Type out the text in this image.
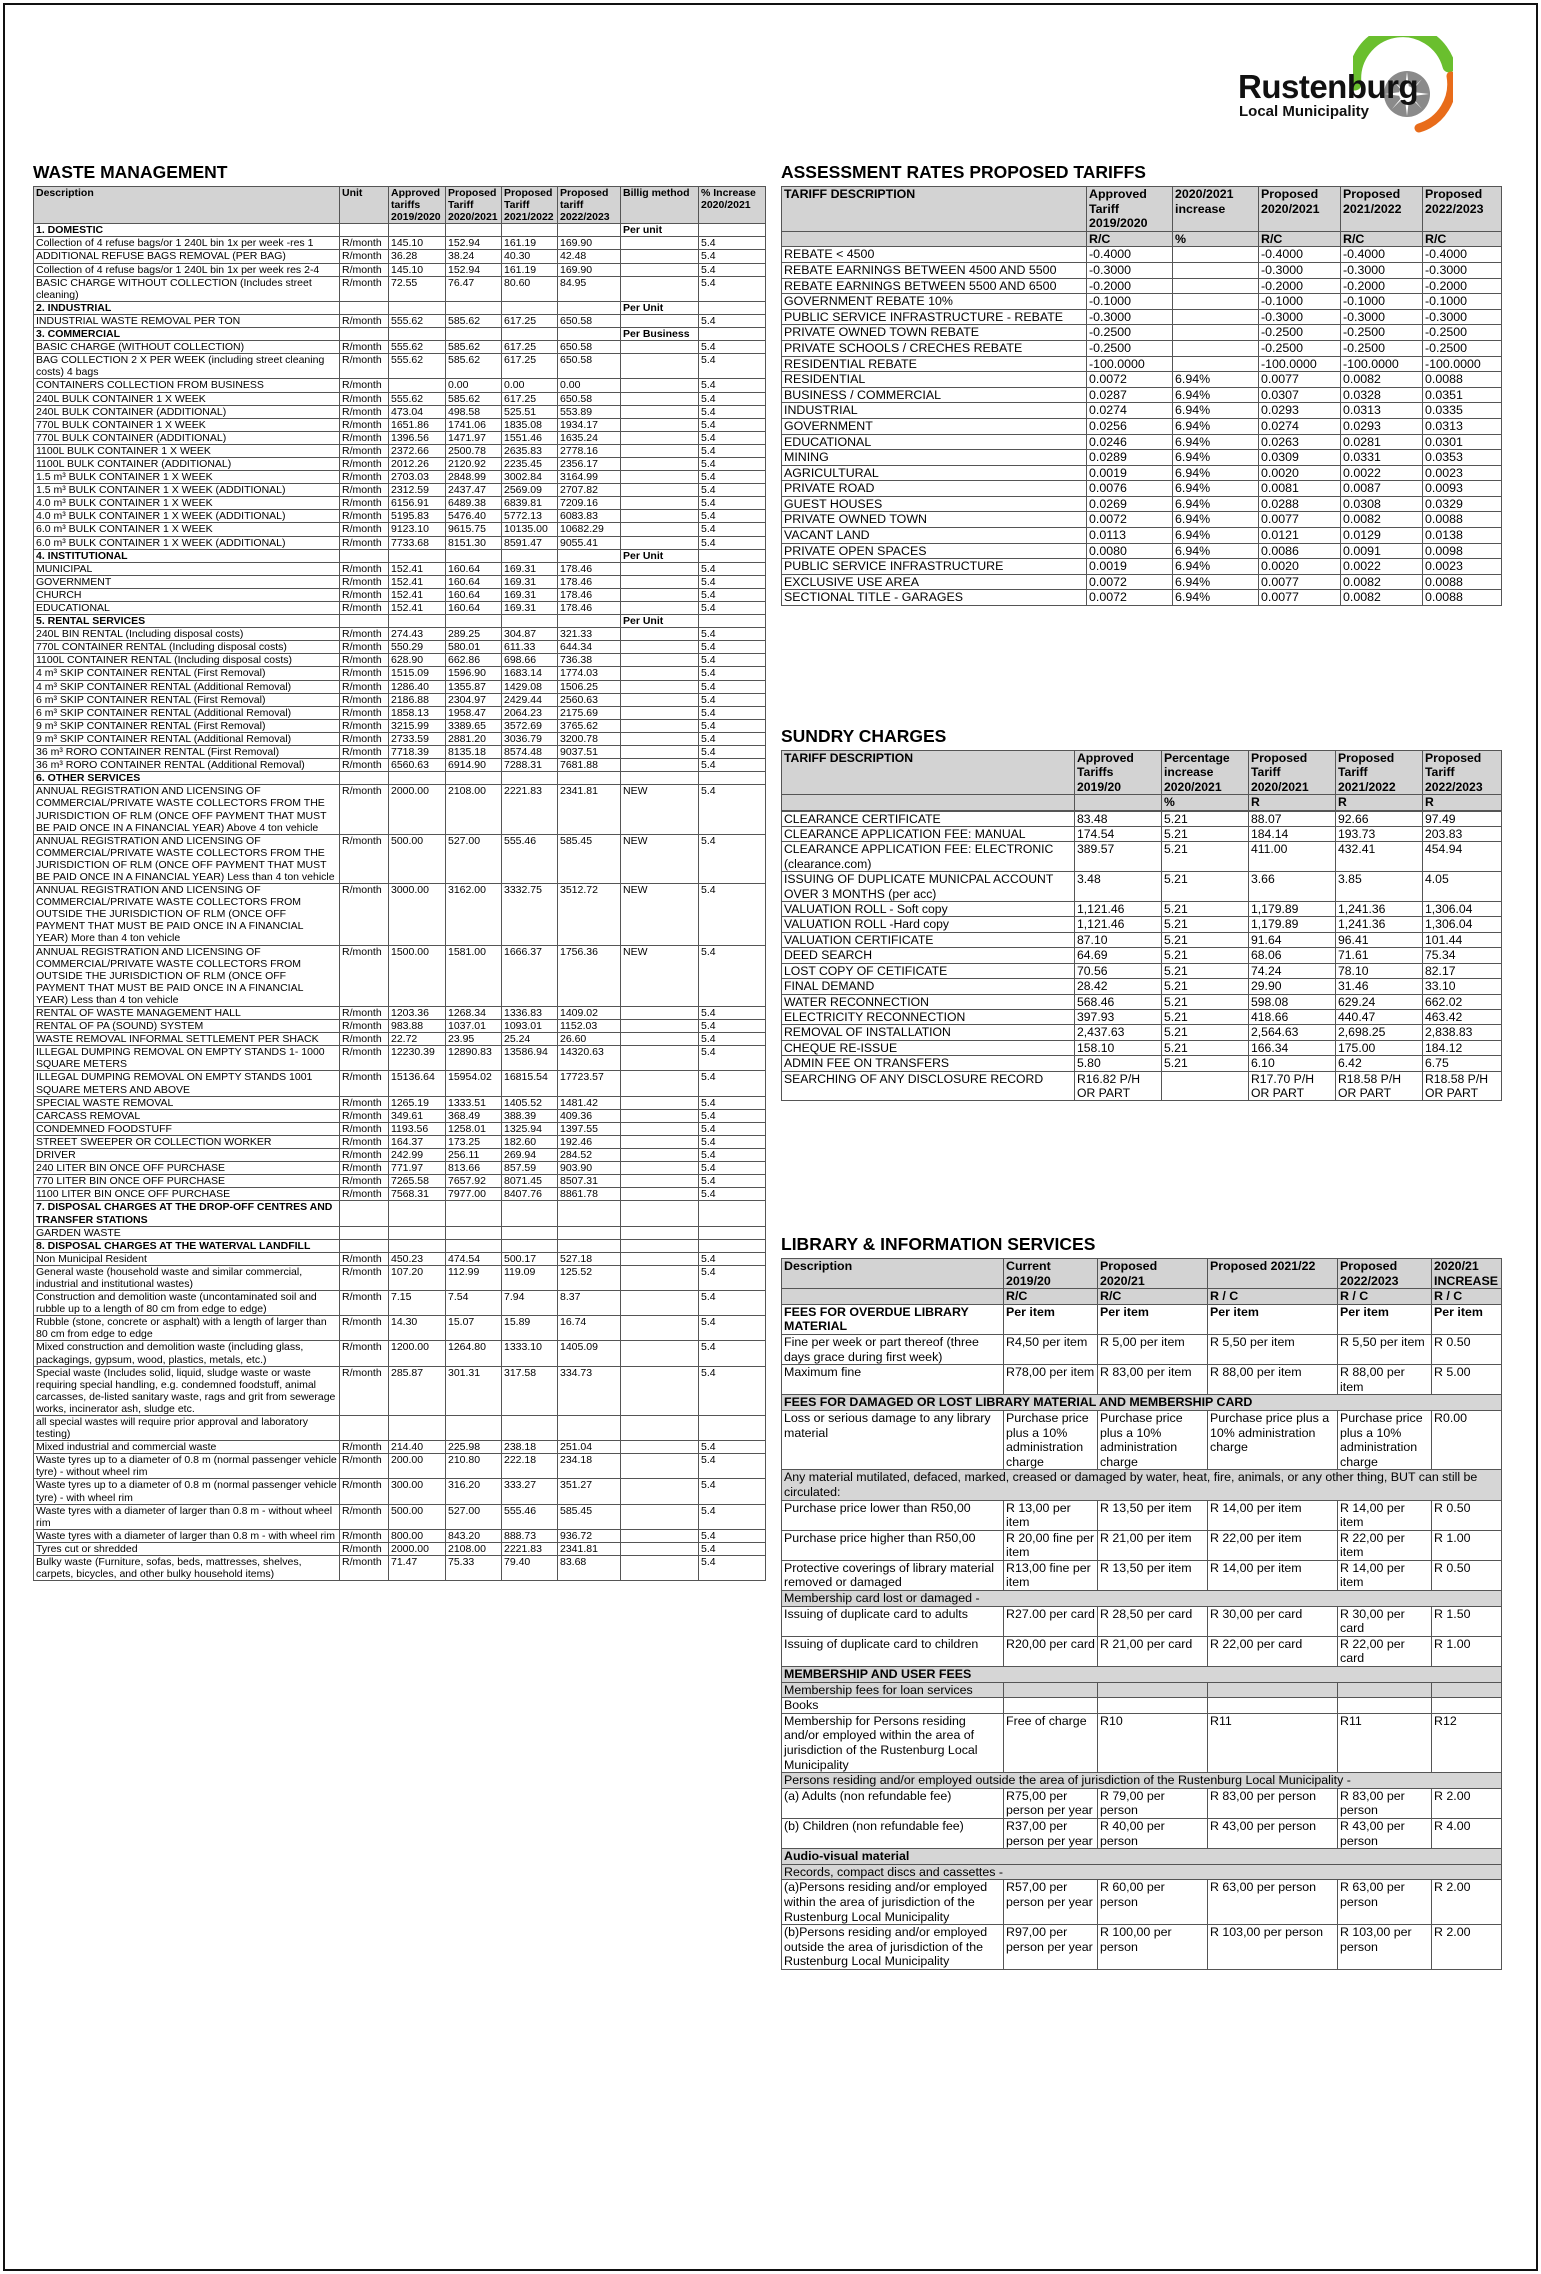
Rustenburg
Local Municipality
WASTE MANAGEMENT
Description	Unit	Approved tariffs 2019/2020	Proposed Tariff 2020/2021	Proposed Tariff 2021/2022	Proposed tariff 2022/2023	Billig method	% Increase 2020/2021
1. DOMESTIC						Per unit	
Collection of 4 refuse bags/or 1 240L bin 1x per week -res 1	R/month	145.10	152.94	161.19	169.90		5.4
ADDITIONAL REFUSE BAGS REMOVAL (PER BAG)	R/month	36.28	38.24	40.30	42.48		5.4
Collection of 4 refuse bags/or 1 240L bin 1x per week res 2-4	R/month	145.10	152.94	161.19	169.90		5.4
BASIC CHARGE WITHOUT COLLECTION (Includes street cleaning)	R/month	72.55	76.47	80.60	84.95		5.4
2. INDUSTRIAL						Per Unit	
INDUSTRIAL WASTE REMOVAL PER TON	R/month	555.62	585.62	617.25	650.58		5.4
3. COMMERCIAL						Per Business	
BASIC CHARGE (WITHOUT COLLECTION)	R/month	555.62	585.62	617.25	650.58		5.4
BAG COLLECTION 2 X PER WEEK (including street cleaning costs) 4 bags	R/month	555.62	585.62	617.25	650.58		5.4
CONTAINERS COLLECTION FROM BUSINESS	R/month		0.00	0.00	0.00		5.4
240L BULK CONTAINER 1 X WEEK	R/month	555.62	585.62	617.25	650.58		5.4
240L BULK CONTAINER (ADDITIONAL)	R/month	473.04	498.58	525.51	553.89		5.4
770L BULK CONTAINER 1 X WEEK	R/month	1651.86	1741.06	1835.08	1934.17		5.4
770L BULK CONTAINER (ADDITIONAL)	R/month	1396.56	1471.97	1551.46	1635.24		5.4
1100L BULK CONTAINER 1 X WEEK	R/month	2372.66	2500.78	2635.83	2778.16		5.4
1100L BULK CONTAINER (ADDITIONAL)	R/month	2012.26	2120.92	2235.45	2356.17		5.4
1.5 m³ BULK CONTAINER 1 X WEEK	R/month	2703.03	2848.99	3002.84	3164.99		5.4
1.5 m³ BULK CONTAINER 1 X WEEK (ADDITIONAL)	R/month	2312.59	2437.47	2569.09	2707.82		5.4
4.0 m³ BULK CONTAINER 1 X WEEK	R/month	6156.91	6489.38	6839.81	7209.16		5.4
4.0 m³ BULK CONTAINER 1 X WEEK (ADDITIONAL)	R/month	5195.83	5476.40	5772.13	6083.83		5.4
6.0 m³ BULK CONTAINER 1 X WEEK	R/month	9123.10	9615.75	10135.00	10682.29		5.4
6.0 m³ BULK CONTAINER 1 X WEEK (ADDITIONAL)	R/month	7733.68	8151.30	8591.47	9055.41		5.4
4. INSTITUTIONAL						Per Unit	
MUNICIPAL	R/month	152.41	160.64	169.31	178.46		5.4
GOVERNMENT	R/month	152.41	160.64	169.31	178.46		5.4
CHURCH	R/month	152.41	160.64	169.31	178.46		5.4
EDUCATIONAL	R/month	152.41	160.64	169.31	178.46		5.4
5. RENTAL SERVICES						Per Unit	
240L BIN RENTAL (Including disposal costs)	R/month	274.43	289.25	304.87	321.33		5.4
770L CONTAINER RENTAL (Including disposal costs)	R/month	550.29	580.01	611.33	644.34		5.4
1100L CONTAINER RENTAL (Including disposal costs)	R/month	628.90	662.86	698.66	736.38		5.4
4 m³ SKIP CONTAINER RENTAL (First Removal)	R/month	1515.09	1596.90	1683.14	1774.03		5.4
4 m³ SKIP CONTAINER RENTAL (Additional Removal)	R/month	1286.40	1355.87	1429.08	1506.25		5.4
6 m³ SKIP CONTAINER RENTAL (First Removal)	R/month	2186.88	2304.97	2429.44	2560.63		5.4
6 m³ SKIP CONTAINER RENTAL (Additional Removal)	R/month	1858.13	1958.47	2064.23	2175.69		5.4
9 m³ SKIP CONTAINER RENTAL (First Removal)	R/month	3215.99	3389.65	3572.69	3765.62		5.4
9 m³ SKIP CONTAINER RENTAL (Additional Removal)	R/month	2733.59	2881.20	3036.79	3200.78		5.4
36 m³ RORO CONTAINER RENTAL (First Removal)	R/month	7718.39	8135.18	8574.48	9037.51		5.4
36 m³ RORO CONTAINER RENTAL (Additional Removal)	R/month	6560.63	6914.90	7288.31	7681.88		5.4
6. OTHER SERVICES							
ANNUAL REGISTRATION AND LICENSING OF COMMERCIAL/PRIVATE WASTE COLLECTORS FROM THE JURISDICTION OF RLM (ONCE OFF PAYMENT THAT MUST BE PAID ONCE IN A FINANCIAL YEAR) Above 4 ton vehicle	R/month	2000.00	2108.00	2221.83	2341.81	NEW	5.4
ANNUAL REGISTRATION AND LICENSING OF COMMERCIAL/PRIVATE WASTE COLLECTORS FROM THE JURISDICTION OF RLM (ONCE OFF PAYMENT THAT MUST BE PAID ONCE IN A FINANCIAL YEAR) Less than 4 ton vehicle	R/month	500.00	527.00	555.46	585.45	NEW	5.4
ANNUAL REGISTRATION AND LICENSING OF COMMERCIAL/PRIVATE WASTE COLLECTORS FROM OUTSIDE THE JURISDICTION OF RLM (ONCE OFF PAYMENT THAT MUST BE PAID ONCE IN A FINANCIAL YEAR) More than 4 ton vehicle	R/month	3000.00	3162.00	3332.75	3512.72	NEW	5.4
ANNUAL REGISTRATION AND LICENSING OF COMMERCIAL/PRIVATE WASTE COLLECTORS FROM OUTSIDE THE JURISDICTION OF RLM (ONCE OFF PAYMENT THAT MUST BE PAID ONCE IN A FINANCIAL YEAR) Less than 4 ton vehicle	R/month	1500.00	1581.00	1666.37	1756.36	NEW	5.4
RENTAL OF WASTE MANAGEMENT HALL	R/month	1203.36	1268.34	1336.83	1409.02		5.4
RENTAL OF PA (SOUND) SYSTEM	R/month	983.88	1037.01	1093.01	1152.03		5.4
WASTE REMOVAL INFORMAL SETTLEMENT PER SHACK	R/month	22.72	23.95	25.24	26.60		5.4
ILLEGAL DUMPING REMOVAL ON EMPTY STANDS 1- 1000 SQUARE METERS	R/month	12230.39	12890.83	13586.94	14320.63		5.4
ILLEGAL DUMPING REMOVAL ON EMPTY STANDS 1001 SQUARE METERS AND ABOVE	R/month	15136.64	15954.02	16815.54	17723.57		5.4
SPECIAL WASTE REMOVAL	R/month	1265.19	1333.51	1405.52	1481.42		5.4
CARCASS REMOVAL	R/month	349.61	368.49	388.39	409.36		5.4
CONDEMNED FOODSTUFF	R/month	1193.56	1258.01	1325.94	1397.55		5.4
STREET SWEEPER OR COLLECTION WORKER	R/month	164.37	173.25	182.60	192.46		5.4
DRIVER	R/month	242.99	256.11	269.94	284.52		5.4
240 LITER BIN ONCE OFF PURCHASE	R/month	771.97	813.66	857.59	903.90		5.4
770 LITER BIN ONCE OFF PURCHASE	R/month	7265.58	7657.92	8071.45	8507.31		5.4
1100 LITER BIN ONCE OFF PURCHASE	R/month	7568.31	7977.00	8407.76	8861.78		5.4
7. DISPOSAL CHARGES AT THE DROP-OFF CENTRES AND TRANSFER STATIONS							
GARDEN WASTE							
8. DISPOSAL CHARGES AT THE WATERVAL LANDFILL							
Non Municipal Resident	R/month	450.23	474.54	500.17	527.18		5.4
General waste (household waste and similar commercial, industrial and institutional wastes)	R/month	107.20	112.99	119.09	125.52		5.4
Construction and demolition waste (uncontaminated soil and rubble up to a length of 80 cm from edge to edge)	R/month	7.15	7.54	7.94	8.37		5.4
Rubble (stone, concrete or asphalt) with a length of larger than 80 cm from edge to edge	R/month	14.30	15.07	15.89	16.74		5.4
Mixed construction and demolition waste (including glass, packagings, gypsum, wood, plastics, metals, etc.)	R/month	1200.00	1264.80	1333.10	1405.09		5.4
Special waste (Includes solid, liquid, sludge waste or waste requiring special handling, e.g. condemned foodstuff, animal carcasses, de-listed sanitary waste, rags and grit from sewerage works, incinerator ash, sludge etc.	R/month	285.87	301.31	317.58	334.73		5.4
all special wastes will require prior approval and laboratory testing)							
Mixed industrial and commercial waste	R/month	214.40	225.98	238.18	251.04		5.4
Waste tyres up to a diameter of 0.8 m (normal passenger vehicle tyre) - without wheel rim	R/month	200.00	210.80	222.18	234.18		5.4
Waste tyres up to a diameter of 0.8 m (normal passenger vehicle tyre) - with wheel rim	R/month	300.00	316.20	333.27	351.27		5.4
Waste tyres with a diameter of larger than 0.8 m - without wheel rim	R/month	500.00	527.00	555.46	585.45		5.4
Waste tyres with a diameter of larger than 0.8 m - with wheel rim	R/month	800.00	843.20	888.73	936.72		5.4
Tyres cut or shredded	R/month	2000.00	2108.00	2221.83	2341.81		5.4
Bulky waste (Furniture, sofas, beds, mattresses, shelves, carpets, bicycles, and other bulky household items)	R/month	71.47	75.33	79.40	83.68		5.4
ASSESSMENT RATES PROPOSED TARIFFS
TARIFF DESCRIPTION	Approved Tariff 2019/2020	2020/2021 increase	Proposed 2020/2021	Proposed 2021/2022	Proposed 2022/2023
	R/C	%	R/C	R/C	R/C
REBATE < 4500	-0.4000		-0.4000	-0.4000	-0.4000
REBATE EARNINGS BETWEEN 4500 AND 5500	-0.3000		-0.3000	-0.3000	-0.3000
REBATE EARNINGS BETWEEN 5500 AND 6500	-0.2000		-0.2000	-0.2000	-0.2000
GOVERNMENT REBATE 10%	-0.1000		-0.1000	-0.1000	-0.1000
PUBLIC SERVICE INFRASTRUCTURE - REBATE	-0.3000		-0.3000	-0.3000	-0.3000
PRIVATE OWNED TOWN REBATE	-0.2500		-0.2500	-0.2500	-0.2500
PRIVATE SCHOOLS / CRECHES REBATE	-0.2500		-0.2500	-0.2500	-0.2500
RESIDENTIAL REBATE	-100.0000		-100.0000	-100.0000	-100.0000
RESIDENTIAL	0.0072	6.94%	0.0077	0.0082	0.0088
BUSINESS / COMMERCIAL	0.0287	6.94%	0.0307	0.0328	0.0351
INDUSTRIAL	0.0274	6.94%	0.0293	0.0313	0.0335
GOVERNMENT	0.0256	6.94%	0.0274	0.0293	0.0313
EDUCATIONAL	0.0246	6.94%	0.0263	0.0281	0.0301
MINING	0.0289	6.94%	0.0309	0.0331	0.0353
AGRICULTURAL	0.0019	6.94%	0.0020	0.0022	0.0023
PRIVATE ROAD	0.0076	6.94%	0.0081	0.0087	0.0093
GUEST HOUSES	0.0269	6.94%	0.0288	0.0308	0.0329
PRIVATE OWNED TOWN	0.0072	6.94%	0.0077	0.0082	0.0088
VACANT LAND	0.0113	6.94%	0.0121	0.0129	0.0138
PRIVATE OPEN SPACES	0.0080	6.94%	0.0086	0.0091	0.0098
PUBLIC SERVICE INFRASTRUCTURE	0.0019	6.94%	0.0020	0.0022	0.0023
EXCLUSIVE USE AREA	0.0072	6.94%	0.0077	0.0082	0.0088
SECTIONAL TITLE - GARAGES	0.0072	6.94%	0.0077	0.0082	0.0088
SUNDRY CHARGES
TARIFF DESCRIPTION	Approved Tariffs 2019/20	Percentage increase 2020/2021	Proposed Tariff 2020/2021	Proposed Tariff 2021/2022	Proposed Tariff 2022/2023
		%	R	R	R

CLEARANCE CERTIFICATE	83.48	5.21	88.07	92.66	97.49
CLEARANCE APPLICATION FEE: MANUAL	174.54	5.21	184.14	193.73	203.83
CLEARANCE APPLICATION FEE: ELECTRONIC (clearance.com)	389.57	5.21	411.00	432.41	454.94
ISSUING OF DUPLICATE MUNICPAL ACCOUNT OVER 3 MONTHS (per acc)	3.48	5.21	3.66	3.85	4.05
VALUATION ROLL - Soft copy	1,121.46	5.21	1,179.89	1,241.36	1,306.04
VALUATION ROLL -Hard copy	1,121.46	5.21	1,179.89	1,241.36	1,306.04
VALUATION CERTIFICATE	87.10	5.21	91.64	96.41	101.44
DEED SEARCH	64.69	5.21	68.06	71.61	75.34
LOST COPY OF CETIFICATE	70.56	5.21	74.24	78.10	82.17
FINAL DEMAND	28.42	5.21	29.90	31.46	33.10
WATER RECONNECTION	568.46	5.21	598.08	629.24	662.02
ELECTRICITY RECONNECTION	397.93	5.21	418.66	440.47	463.42
REMOVAL OF INSTALLATION	2,437.63	5.21	2,564.63	2,698.25	2,838.83
CHEQUE RE-ISSUE	158.10	5.21	166.34	175.00	184.12
ADMIN FEE ON TRANSFERS	5.80	5.21	6.10	6.42	6.75
SEARCHING OF ANY DISCLOSURE RECORD	R16.82 P/H OR PART		R17.70 P/H OR PART	R18.58 P/H OR PART	R18.58 P/H OR PART
LIBRARY & INFORMATION SERVICES
Description	Current 2019/20	Proposed 2020/21	Proposed 2021/22	Proposed 2022/2023	2020/21 INCREASE
	R/C	R/C	R / C	R / C	R / C
FEES FOR OVERDUE LIBRARY MATERIAL	Per item	Per item	Per item	Per item	Per item
Fine per week or part thereof (three days grace during first week)	R4,50 per item	R 5,00 per item	R 5,50 per item	R 5,50 per item	R 0.50
Maximum fine	R78,00 per item	R 83,00 per item	R 88,00 per item	R 88,00 per item	R 5.00
FEES FOR DAMAGED OR LOST LIBRARY MATERIAL AND MEMBERSHIP CARD					
Loss or serious damage to any library material	Purchase price plus a 10% administration charge	Purchase price plus a 10% administration charge	Purchase price plus a 10% administration charge	Purchase price plus a 10% administration charge	R0.00
Any material mutilated, defaced, marked, creased or damaged by water, heat, fire, animals, or any other thing, BUT can still be circulated:					
Purchase price lower than R50,00	R 13,00 per item	R 13,50 per item	R 14,00 per item	R 14,00 per item	R 0.50
Purchase price higher than R50,00	R 20,00 fine per item	R 21,00 per item	R 22,00 per item	R 22,00 per item	R 1.00
Protective coverings of library material removed or damaged	R13,00 fine per item	R 13,50 per item	R 14,00 per item	R 14,00 per item	R 0.50
Membership card lost or damaged -					
Issuing of duplicate card to adults	R27.00 per card	R 28,50 per card	R 30,00 per card	R 30,00 per card	R 1.50
Issuing of duplicate card to children	R20,00 per card	R 21,00 per card	R 22,00 per card	R 22,00 per card	R 1.00
MEMBERSHIP AND USER FEES					
Membership fees for loan services					
Books					
Membership for Persons residing and/or employed within the area of jurisdiction of the Rustenburg Local Municipality	Free of charge	R10	R11	R11	R12
Persons residing and/or employed outside the area of jurisdiction of the Rustenburg Local Municipality -					
(a) Adults (non refundable fee)	R75,00 per person per year	R 79,00 per person	R 83,00 per person	R 83,00 per person	R 2.00
(b) Children (non refundable fee)	R37,00 per person per year	R 40,00 per person	R 43,00 per person	R 43,00 per person	R 4.00
Audio-visual material					
Records, compact discs and cassettes -					
(a)Persons residing and/or employed within the area of jurisdiction of the Rustenburg Local Municipality	R57,00 per person per year	R 60,00 per person	R 63,00 per person	R 63,00 per person	R 2.00
(b)Persons residing and/or employed outside the area of jurisdiction of the Rustenburg Local Municipality	R97,00 per person per year	R 100,00 per person	R 103,00 per person	R 103,00 per person	R 2.00
